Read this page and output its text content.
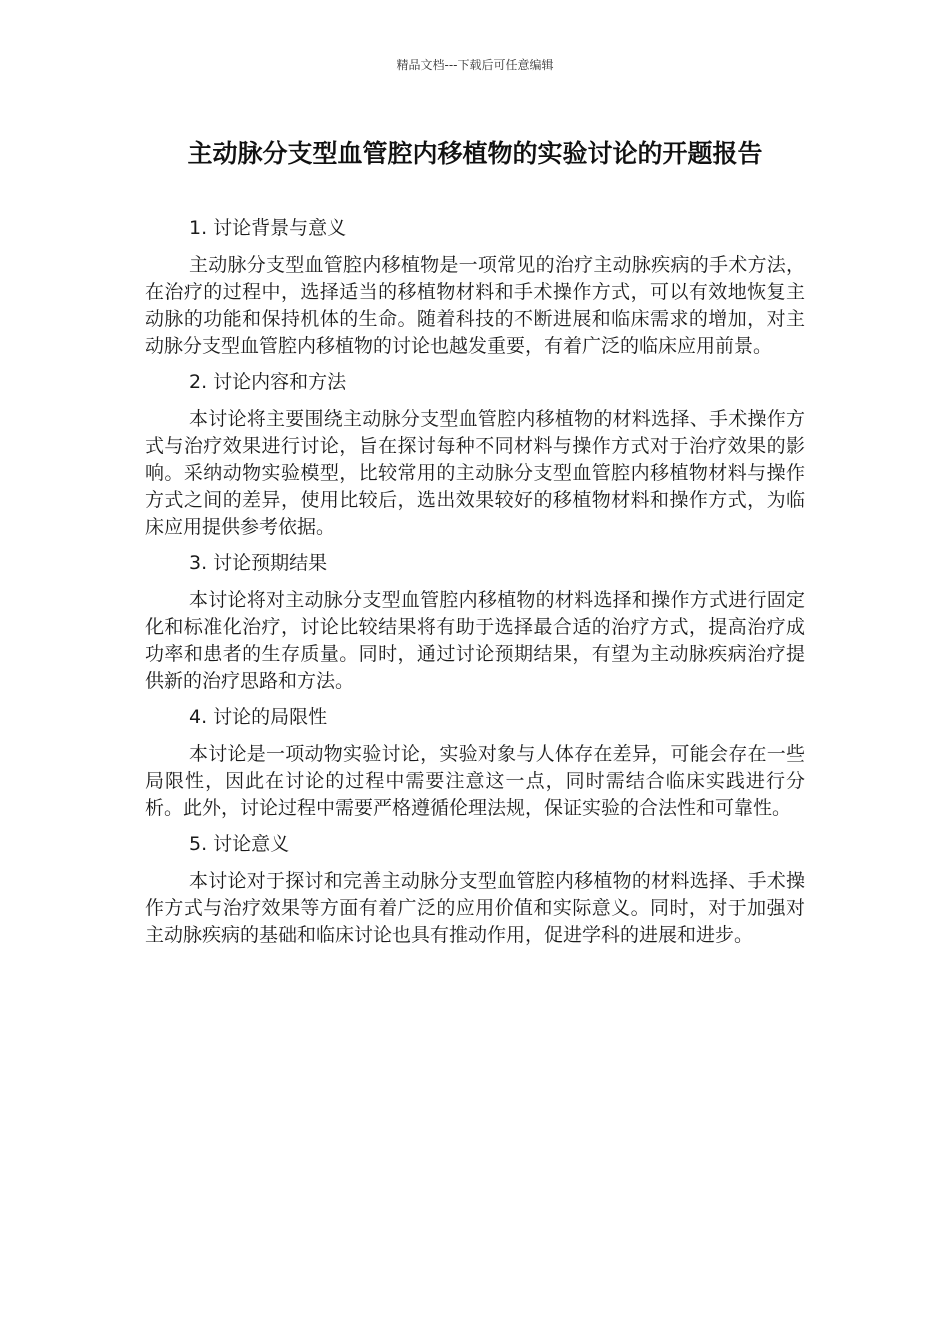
精品文档---下载后可任意编辑
主动脉分支型血管腔内移植物的实验讨论的开题报告
1. 讨论背景与意义

主动脉分支型血管腔内移植物是一项常见的治疗主动脉疾病的手术方法，在治疗的过程中，选择适当的移植物材料和手术操作方式，可以有效地恢复主动脉的功能和保持机体的生命。随着科技的不断进展和临床需求的增加，对主动脉分支型血管腔内移植物的讨论也越发重要，有着广泛的临床应用前景。

2. 讨论内容和方法

本讨论将主要围绕主动脉分支型血管腔内移植物的材料选择、手术操作方式与治疗效果进行讨论，旨在探讨每种不同材料与操作方式对于治疗效果的影响。采纳动物实验模型，比较常用的主动脉分支型血管腔内移植物材料与操作方式之间的差异，使用比较后，选出效果较好的移植物材料和操作方式，为临床应用提供参考依据。

3. 讨论预期结果

本讨论将对主动脉分支型血管腔内移植物的材料选择和操作方式进行固定化和标准化治疗，讨论比较结果将有助于选择最合适的治疗方式，提高治疗成功率和患者的生存质量。同时，通过讨论预期结果，有望为主动脉疾病治疗提供新的治疗思路和方法。

4. 讨论的局限性

本讨论是一项动物实验讨论，实验对象与人体存在差异，可能会存在一些局限性，因此在讨论的过程中需要注意这一点，同时需结合临床实践进行分析。此外，讨论过程中需要严格遵循伦理法规，保证实验的合法性和可靠性。

5. 讨论意义

本讨论对于探讨和完善主动脉分支型血管腔内移植物的材料选择、手术操作方式与治疗效果等方面有着广泛的应用价值和实际意义。同时，对于加强对主动脉疾病的基础和临床讨论也具有推动作用，促进学科的进展和进步。
